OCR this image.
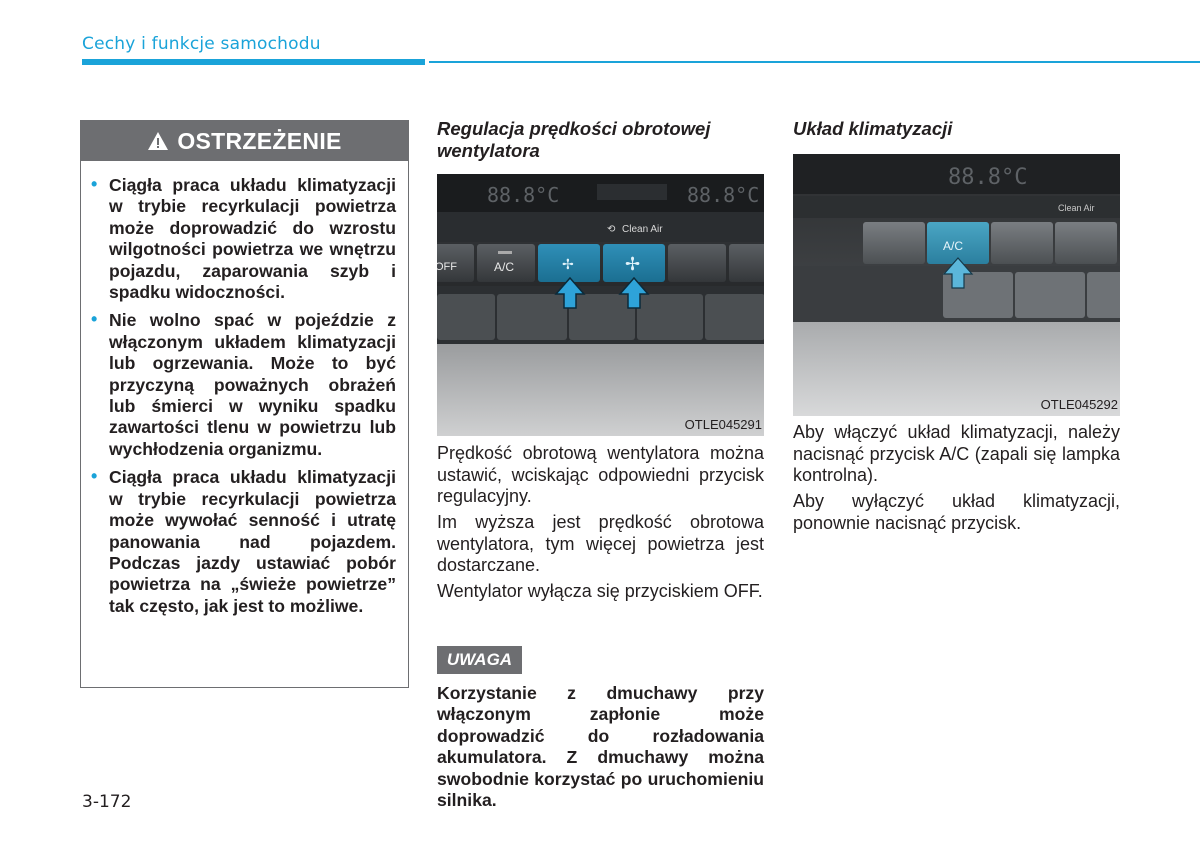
Cechy i funkcje samochodu
OSTRZEŻENIE
• Ciągła praca układu klimatyzacji w trybie recyrkulacji powietrza może doprowadzić do wzrostu wilgotności powietrza we wnętrzu pojazdu, zaparowania szyb i spadku widoczności.
• Nie wolno spać w pojeździe z włączonym układem klimatyzacji lub ogrzewania. Może to być przyczyną poważnych obrażeń lub śmierci w wyniku spadku zawartości tlenu w powietrzu lub wychłodzenia organizmu.
• Ciągła praca układu klimatyzacji w trybie recyrkulacji powietrza może wywołać senność i utratę panowania nad pojazdem. Podczas jazdy ustawiać pobór powietrza na „świeże powietrze” tak często, jak jest to możliwe.
Regulacja prędkości obrotowej wentylatora
88.8°C	88.8°C
⟲ Clean Air
OFF	A/C	✢	✢
OTLE045291
Prędkość obrotową wentylatora można ustawić, wciskając odpowiedni przycisk regulacyjny.
Im wyższa jest prędkość obrotowa wentylatora, tym więcej powietrza jest dostarczane.
Wentylator wyłącza się przyciskiem OFF.
UWAGA
Korzystanie z dmuchawy przy włączonym zapłonie może doprowadzić do rozładowania akumulatora. Z dmuchawy można swobodnie korzystać po uruchomieniu silnika.
Układ klimatyzacji
88.8°C
Clean Air
A/C
OTLE045292
Aby włączyć układ klimatyzacji, należy nacisnąć przycisk A/C (zapali się lampka kontrolna).
Aby wyłączyć układ klimatyzacji, ponownie nacisnąć przycisk.
3-172
